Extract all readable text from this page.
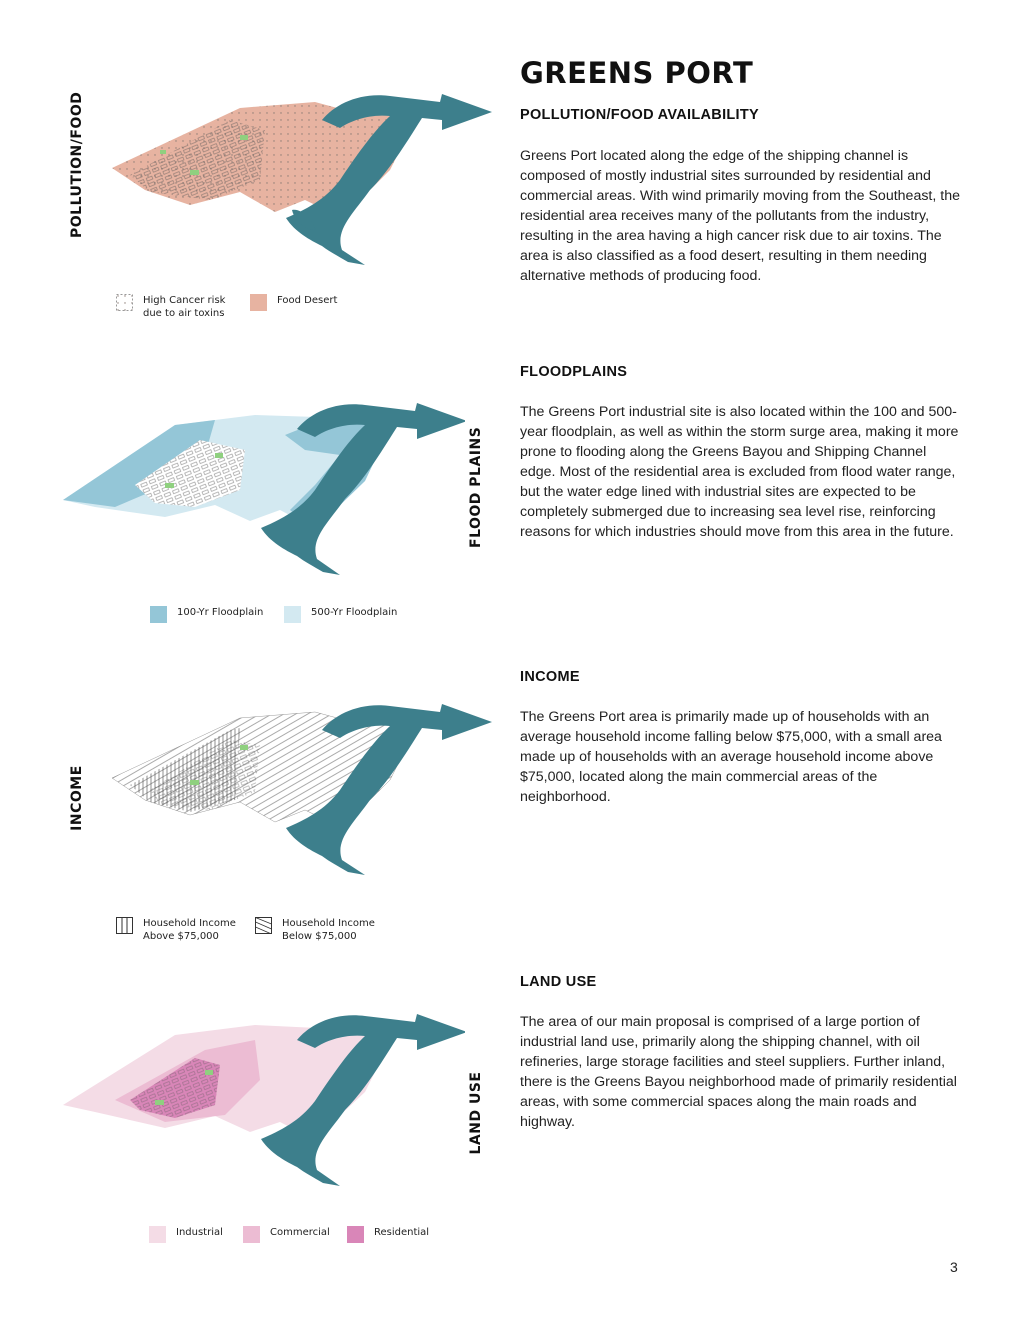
GREENS PORT
POLLUTION/FOOD AVAILABILITY

Greens Port located along the edge of the shipping channel is composed of mostly industrial sites surrounded by residential and commercial areas. With wind primarily moving from the Southeast, the residential area receives many of the pollutants from the industry, resulting in the area having a high cancer risk due to air toxins. The area is also classified as a food desert, resulting in them needing alternative methods of producing food.

FLOODPLAINS

The Greens Port industrial site is also located within the 100 and 500-year floodplain, as well as within the storm surge area, making it more prone to flooding along the Greens Bayou and Shipping Channel edge. Most of the residential area is excluded from flood water range, but the water edge lined with industrial sites are expected to be completely submerged due to increasing sea level rise, reinforcing reasons for which industries should move from this area in the future.

INCOME

The Greens Port area is primarily made up of households with an average household income falling below $75,000, with a small area made up of households with an average household income above $75,000, located along the main commercial areas of the neighborhood.

LAND USE

The area of our main proposal is comprised of a large portion of industrial land use, primarily along the shipping channel, with oil refineries, large storage facilities and steel suppliers. Further inland, there is the Greens Bayou neighborhood made of primarily residential areas, with some commercial spaces along the main roads and highway.

POLLUTION/FOOD
FLOOD PLAINS
INCOME
LAND USE
High Cancer risk
due to air toxins
Food Desert
100-Yr Floodplain	500-Yr Floodplain
Household Income
Above $75,000
Household Income
Below $75,000
Industrial	Commercial	Residential
3
